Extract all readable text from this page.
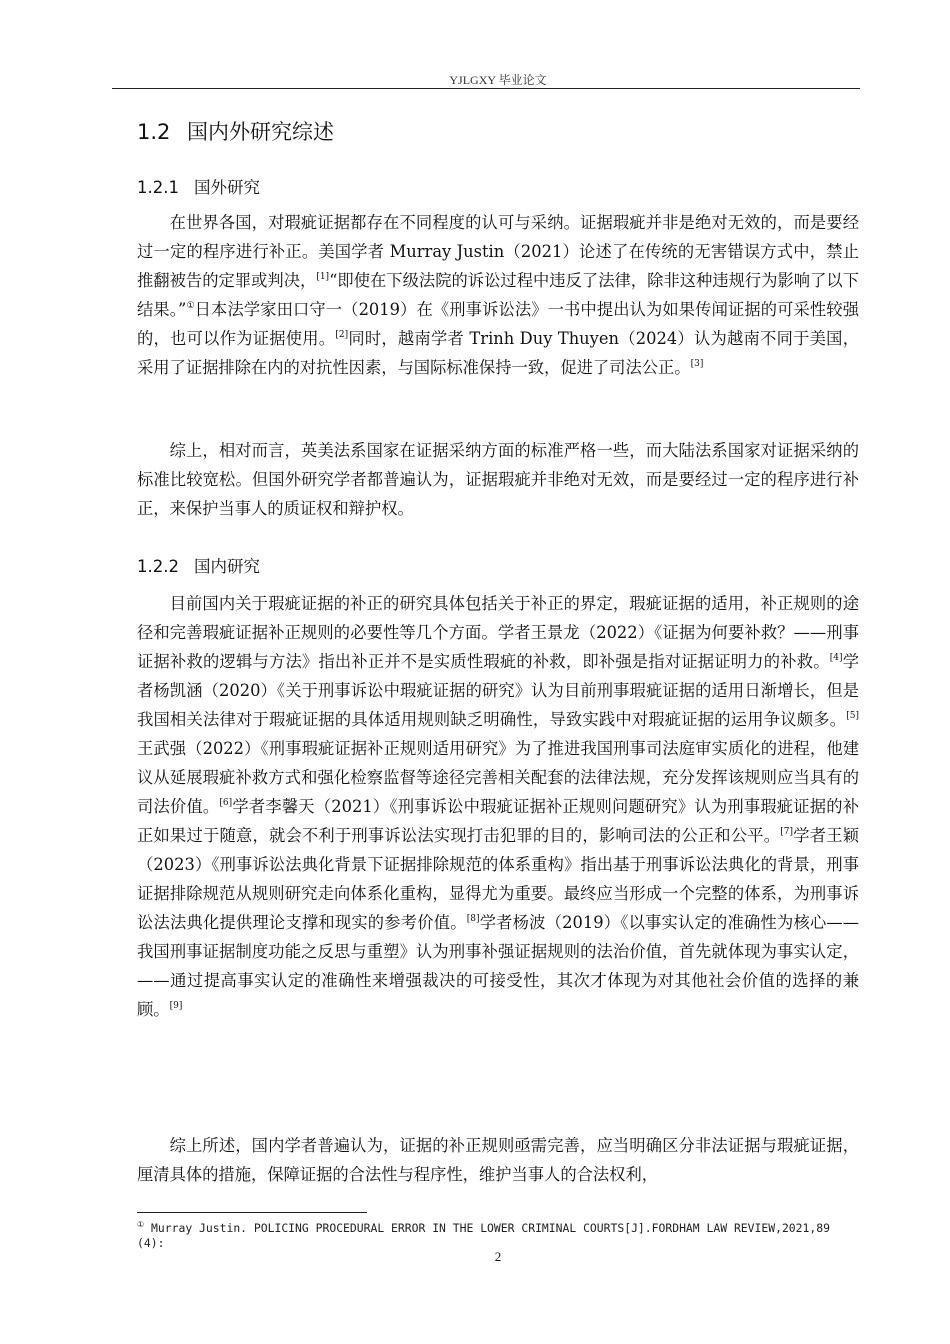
YJLGXY 毕业论文
1.2 国内外研究综述
1.2.1 国外研究

在世界各国，对瑕疵证据都存在不同程度的认可与采纳。证据瑕疵并非是绝对无效的，而是要经过一定的程序进行补正。美国学者 Murray Justin（2021）论述了在传统的无害错误方式中，禁止推翻被告的定罪或判决，[1]“即使在下级法院的诉讼过程中违反了法律，除非这种违规行为影响了以下结果。”①日本法学家田口守一（2019）在《刑事诉讼法》一书中提出认为如果传闻证据的可采性较强的，也可以作为证据使用。[2]同时，越南学者 Trinh Duy Thuyen（2024）认为越南不同于美国，采用了证据排除在内的对抗性因素，与国际标准保持一致，促进了司法公正。[3]

综上，相对而言，英美法系国家在证据采纳方面的标准严格一些，而大陆法系国家对证据采纳的标准比较宽松。但国外研究学者都普遍认为，证据瑕疵并非绝对无效，而是要经过一定的程序进行补正，来保护当事人的质证权和辩护权。

1.2.2 国内研究

目前国内关于瑕疵证据的补正的研究具体包括关于补正的界定，瑕疵证据的适用，补正规则的途径和完善瑕疵证据补正规则的必要性等几个方面。学者王景龙（2022）《证据为何要补救？——刑事证据补救的逻辑与方法》指出补正并不是实质性瑕疵的补救，即补强是指对证据证明力的补救。[4]学者杨凯涵（2020）《关于刑事诉讼中瑕疵证据的研究》认为目前刑事瑕疵证据的适用日渐增长，但是我国相关法律对于瑕疵证据的具体适用规则缺乏明确性，导致实践中对瑕疵证据的运用争议颇多。[5]王武强（2022）《刑事瑕疵证据补正规则适用研究》为了推进我国刑事司法庭审实质化的进程，他建议从延展瑕疵补救方式和强化检察监督等途径完善相关配套的法律法规，充分发挥该规则应当具有的司法价值。[6]学者李馨天（2021）《刑事诉讼中瑕疵证据补正规则问题研究》认为刑事瑕疵证据的补正如果过于随意，就会不利于刑事诉讼法实现打击犯罪的目的，影响司法的公正和公平。[7]学者王颖（2023）《刑事诉讼法典化背景下证据排除规范的体系重构》指出基于刑事诉讼法典化的背景，刑事证据排除规范从规则研究走向体系化重构，显得尤为重要。最终应当形成一个完整的体系，为刑事诉讼法法典化提供理论支撑和现实的参考价值。[8]学者杨波（2019）《以事实认定的准确性为核心——我国刑事证据制度功能之反思与重塑》认为刑事补强证据规则的法治价值，首先就体现为事实认定，——通过提高事实认定的准确性来增强裁决的可接受性，其次才体现为对其他社会价值的选择的兼顾。[9]

综上所述，国内学者普遍认为，证据的补正规则亟需完善，应当明确区分非法证据与瑕疵证据，厘清具体的措施，保障证据的合法性与程序性，维护当事人的合法权利，

① Murray Justin. POLICING PROCEDURAL ERROR IN THE LOWER CRIMINAL COURTS[J].FORDHAM LAW REVIEW,2021,89(4):
2
